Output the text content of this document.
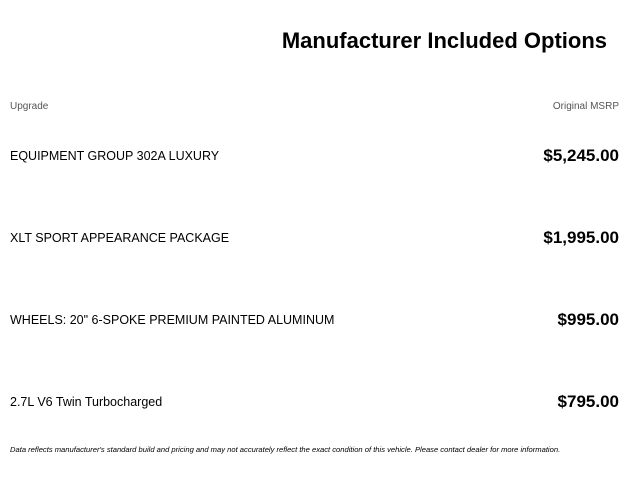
Manufacturer Included Options
Upgrade	Original MSRP
EQUIPMENT GROUP 302A LUXURY	$5,245.00
XLT SPORT APPEARANCE PACKAGE	$1,995.00
WHEELS: 20" 6-SPOKE PREMIUM PAINTED ALUMINUM	$995.00
2.7L V6 Twin Turbocharged	$795.00
Data reflects manufacturer's standard build and pricing and may not accurately reflect the exact condition of this vehicle. Please contact dealer for more information.
